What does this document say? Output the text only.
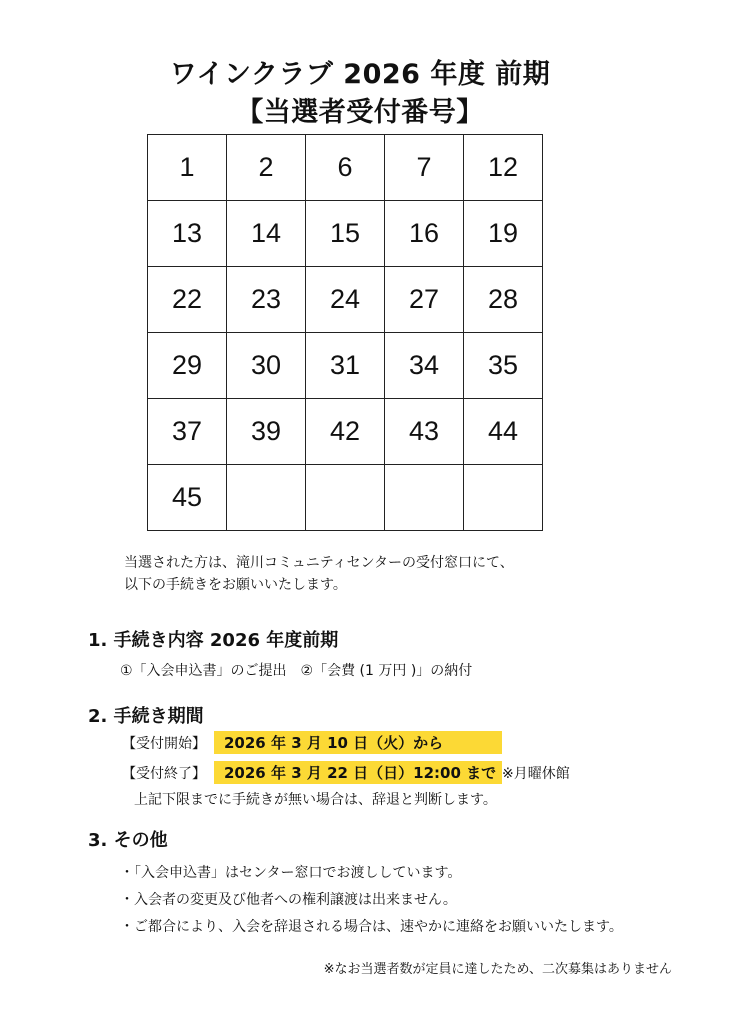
ワインクラブ 2026 年度 前期
【当選者受付番号】
1	2	6	7	12
13	14	15	16	19
22	23	24	27	28
29	30	31	34	35
37	39	42	43	44
45				
当選された方は、滝川コミュニティセンターの受付窓口にて、
以下の手続きをお願いいたします。
1. 手続き内容 2026 年度前期
①「入会申込書」のご提出　②「会費 (1 万円 )」の納付
2. 手続き期間
【受付開始】 2026 年 3 月 10 日（火）から
【受付終了】 2026 年 3 月 22 日（日）12:00 まで ※月曜休館
上記下限までに手続きが無い場合は、辞退と判断します。
3. その他
・「入会申込書」はセンター窓口でお渡ししています。
・入会者の変更及び他者への権利譲渡は出来ません。
・ご都合により、入会を辞退される場合は、速やかに連絡をお願いいたします。
※なお当選者数が定員に達したため、二次募集はありません
